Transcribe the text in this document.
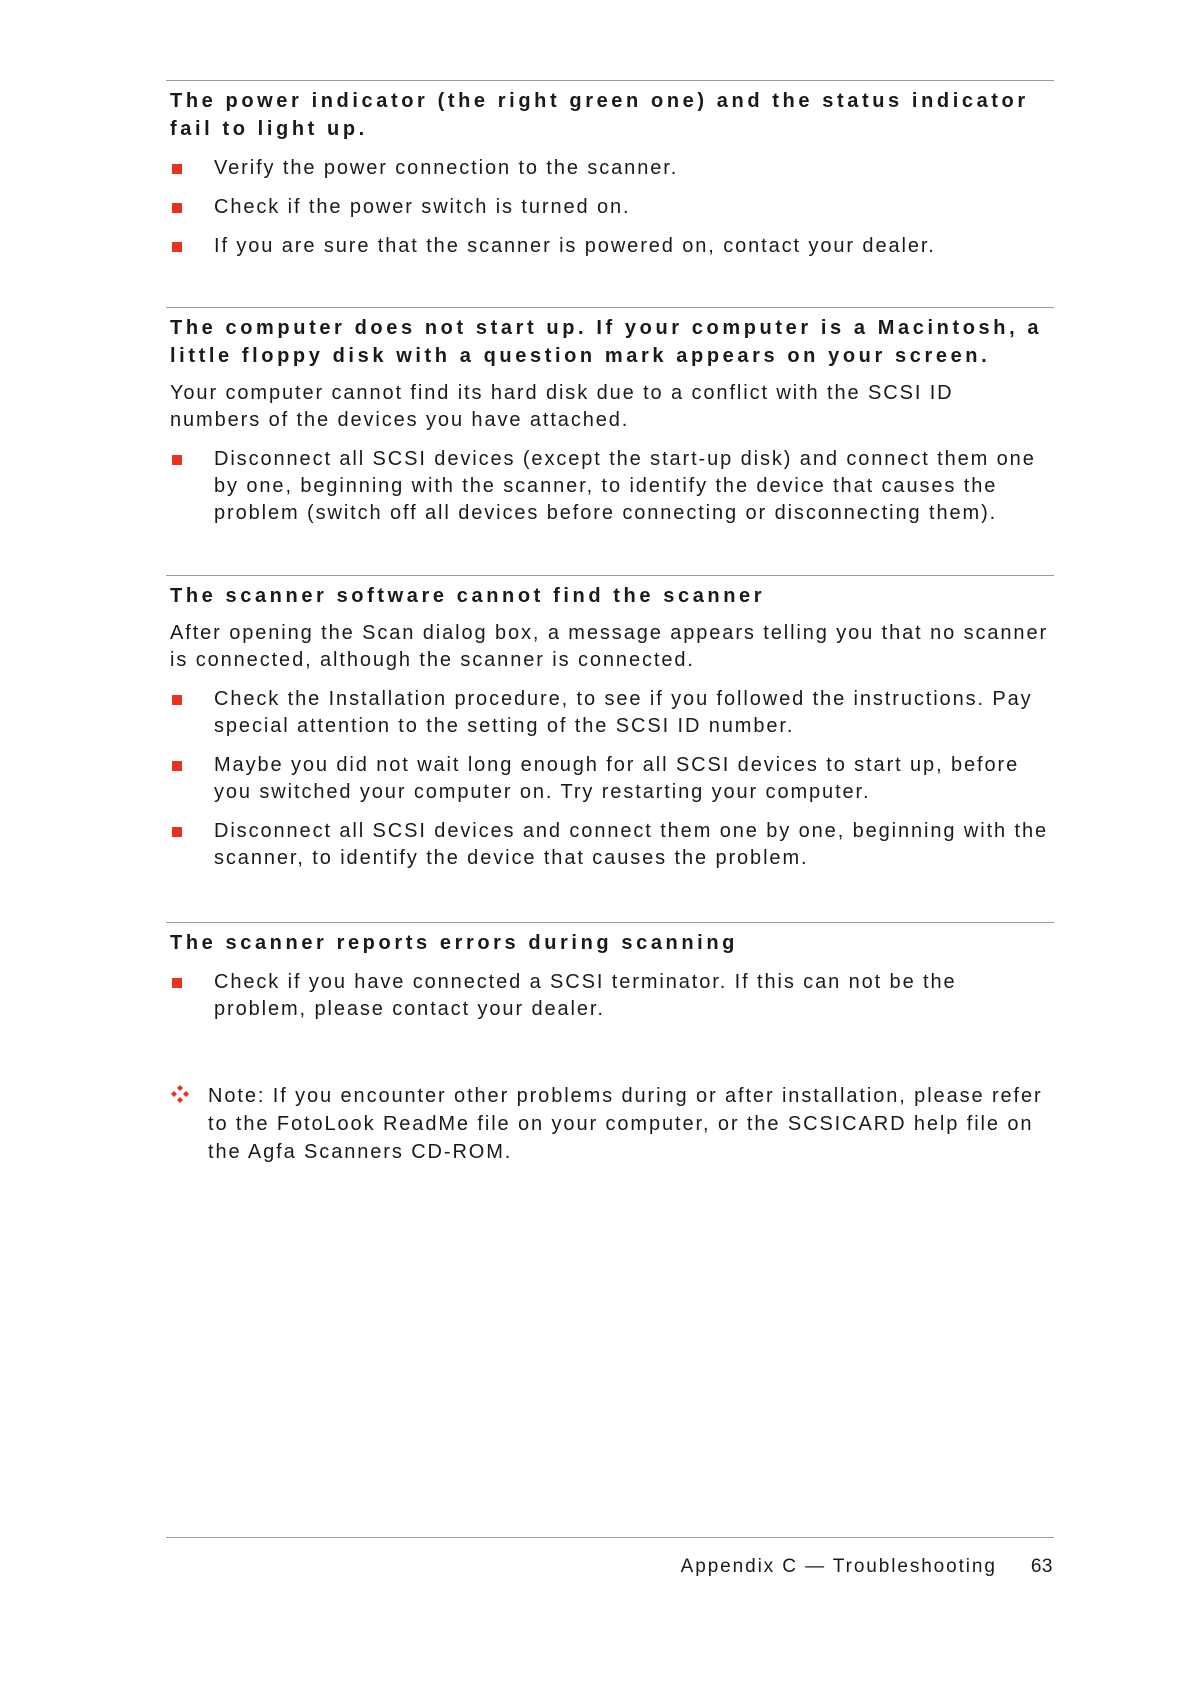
The power indicator (the right green one) and the status indicator fail to light up.
Verify the power connection to the scanner.
Check if the power switch is turned on.
If you are sure that the scanner is powered on, contact your dealer.
The computer does not start up. If your computer is a Macintosh, a little floppy disk with a question mark appears on your screen.
Your computer cannot find its hard disk due to a conflict with the SCSI ID numbers of the devices you have attached.
Disconnect all SCSI devices (except the start-up disk) and connect them one by one, beginning with the scanner, to identify the device that causes the problem (switch off all devices before connecting or disconnecting them).
The scanner software cannot find the scanner
After opening the Scan dialog box, a message appears telling you that no scanner is connected, although the scanner is connected.
Check the Installation procedure, to see if you followed the instructions. Pay special attention to the setting of the SCSI ID number.
Maybe you did not wait long enough for all SCSI devices to start up, before you switched your computer on. Try restarting your computer.
Disconnect all SCSI devices and connect them one by one, beginning with the scanner, to identify the device that causes the problem.
The scanner reports errors during scanning
Check if you have connected a SCSI terminator. If this can not be the problem, please contact your dealer.
Note: If you encounter other problems during or after installation, please refer to the FotoLook ReadMe file on your computer, or the SCSICARD help file on the Agfa Scanners CD-ROM.
Appendix C — Troubleshooting 63
